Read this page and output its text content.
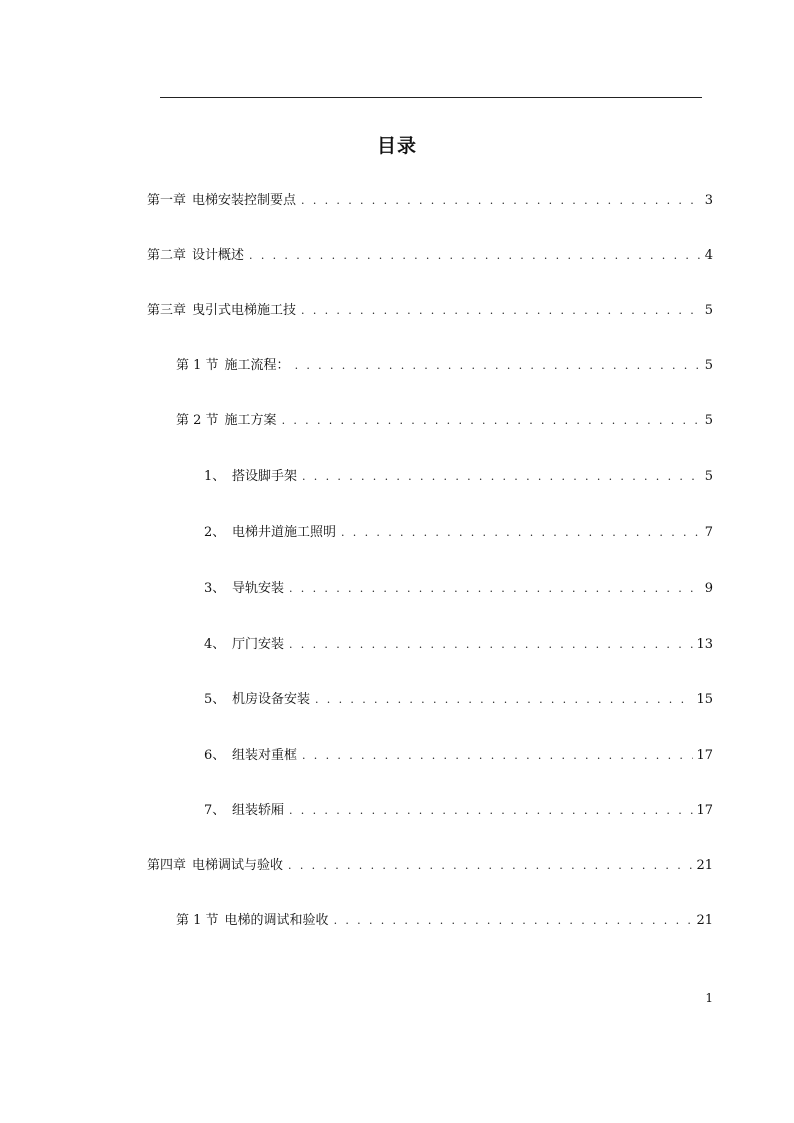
目录
第一章 电梯安装控制要点 . . .	3
第二章 设计概述 . . .	4
第三章 曳引式电梯施工技 . . .	5
第 1 节 施工流程： . . .	5
第 2 节 施工方案 . . .	5
1、 搭设脚手架 . . .	5
2、 电梯井道施工照明 . . .	7
3、 导轨安装 . . .	9
4、 厅门安装 . . .	13
5、 机房设备安装 . . .	15
6、 组装对重框 . . .	17
7、 组装轿厢 . . .	17
第四章 电梯调试与验收 . . .	21
第 1 节 电梯的调试和验收 . . .	21
1
